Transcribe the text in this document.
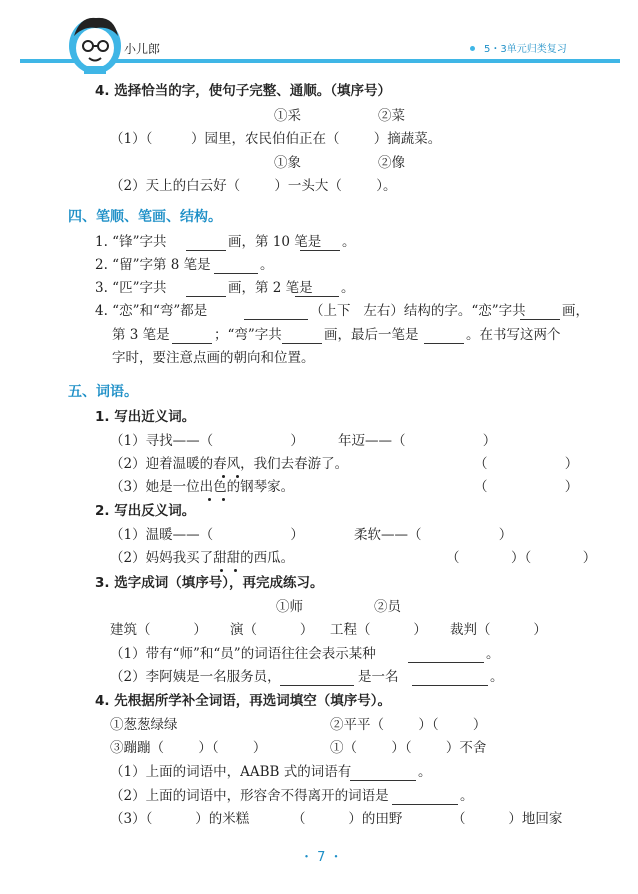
小儿郎	5・3单元归类复习
4. 选择恰当的字，使句子完整、通顺。（填序号）
①采	②菜
（1）（         ）园里，农民伯伯正在（        ）摘蔬菜。
①象	②像
（2）天上的白云好（        ）一头大（        ）。
四、笔顺、笔画、结构。
1. “锋”字共	画，第 10 笔是 。
2. “留”字第 8 笔是	。
3. “匹”字共	画，第 2 笔是 。
4. “恋”和“弯”都是	（上下   左右）结构的字。“恋”字共	画，
第 3 笔是	；“弯”字共	画，最后一笔是	。在书写这两个
字时，要注意点画的朝向和位置。
五、词语。
1. 写出近义词。
（1）寻找——（                  ）	年迈——（                  ）
（2）迎着温暖的春风，我们去春游了。	（                  ）
（3）她是一位出色的钢琴家。	（                  ）
2. 写出反义词。
（1）温暖——（                  ）	柔软——（                  ）
（2）妈妈我买了甜甜的西瓜。	（            ）（            ）
3. 选字成词（填序号），再完成练习。
①师	②员
建筑（          ） 演（          ） 工程（          ） 裁判（          ）
（1）带有“师”和“员”的词语往往会表示某种	。
（2）李阿姨是一名服务员，	是一名	。
4. 先根据所学补全词语，再选词填空（填序号）。
①葱葱绿绿	②平平（        ）（        ）
③蹦蹦（        ）（        ）	①（        ）（        ）不舍
（1）上面的词语中，AABB 式的词语有	。
（2）上面的词语中，形容舍不得离开的词语是	。
（3）（          ）的米糕	（          ）的田野	（          ）地回家
・ 7 ・
